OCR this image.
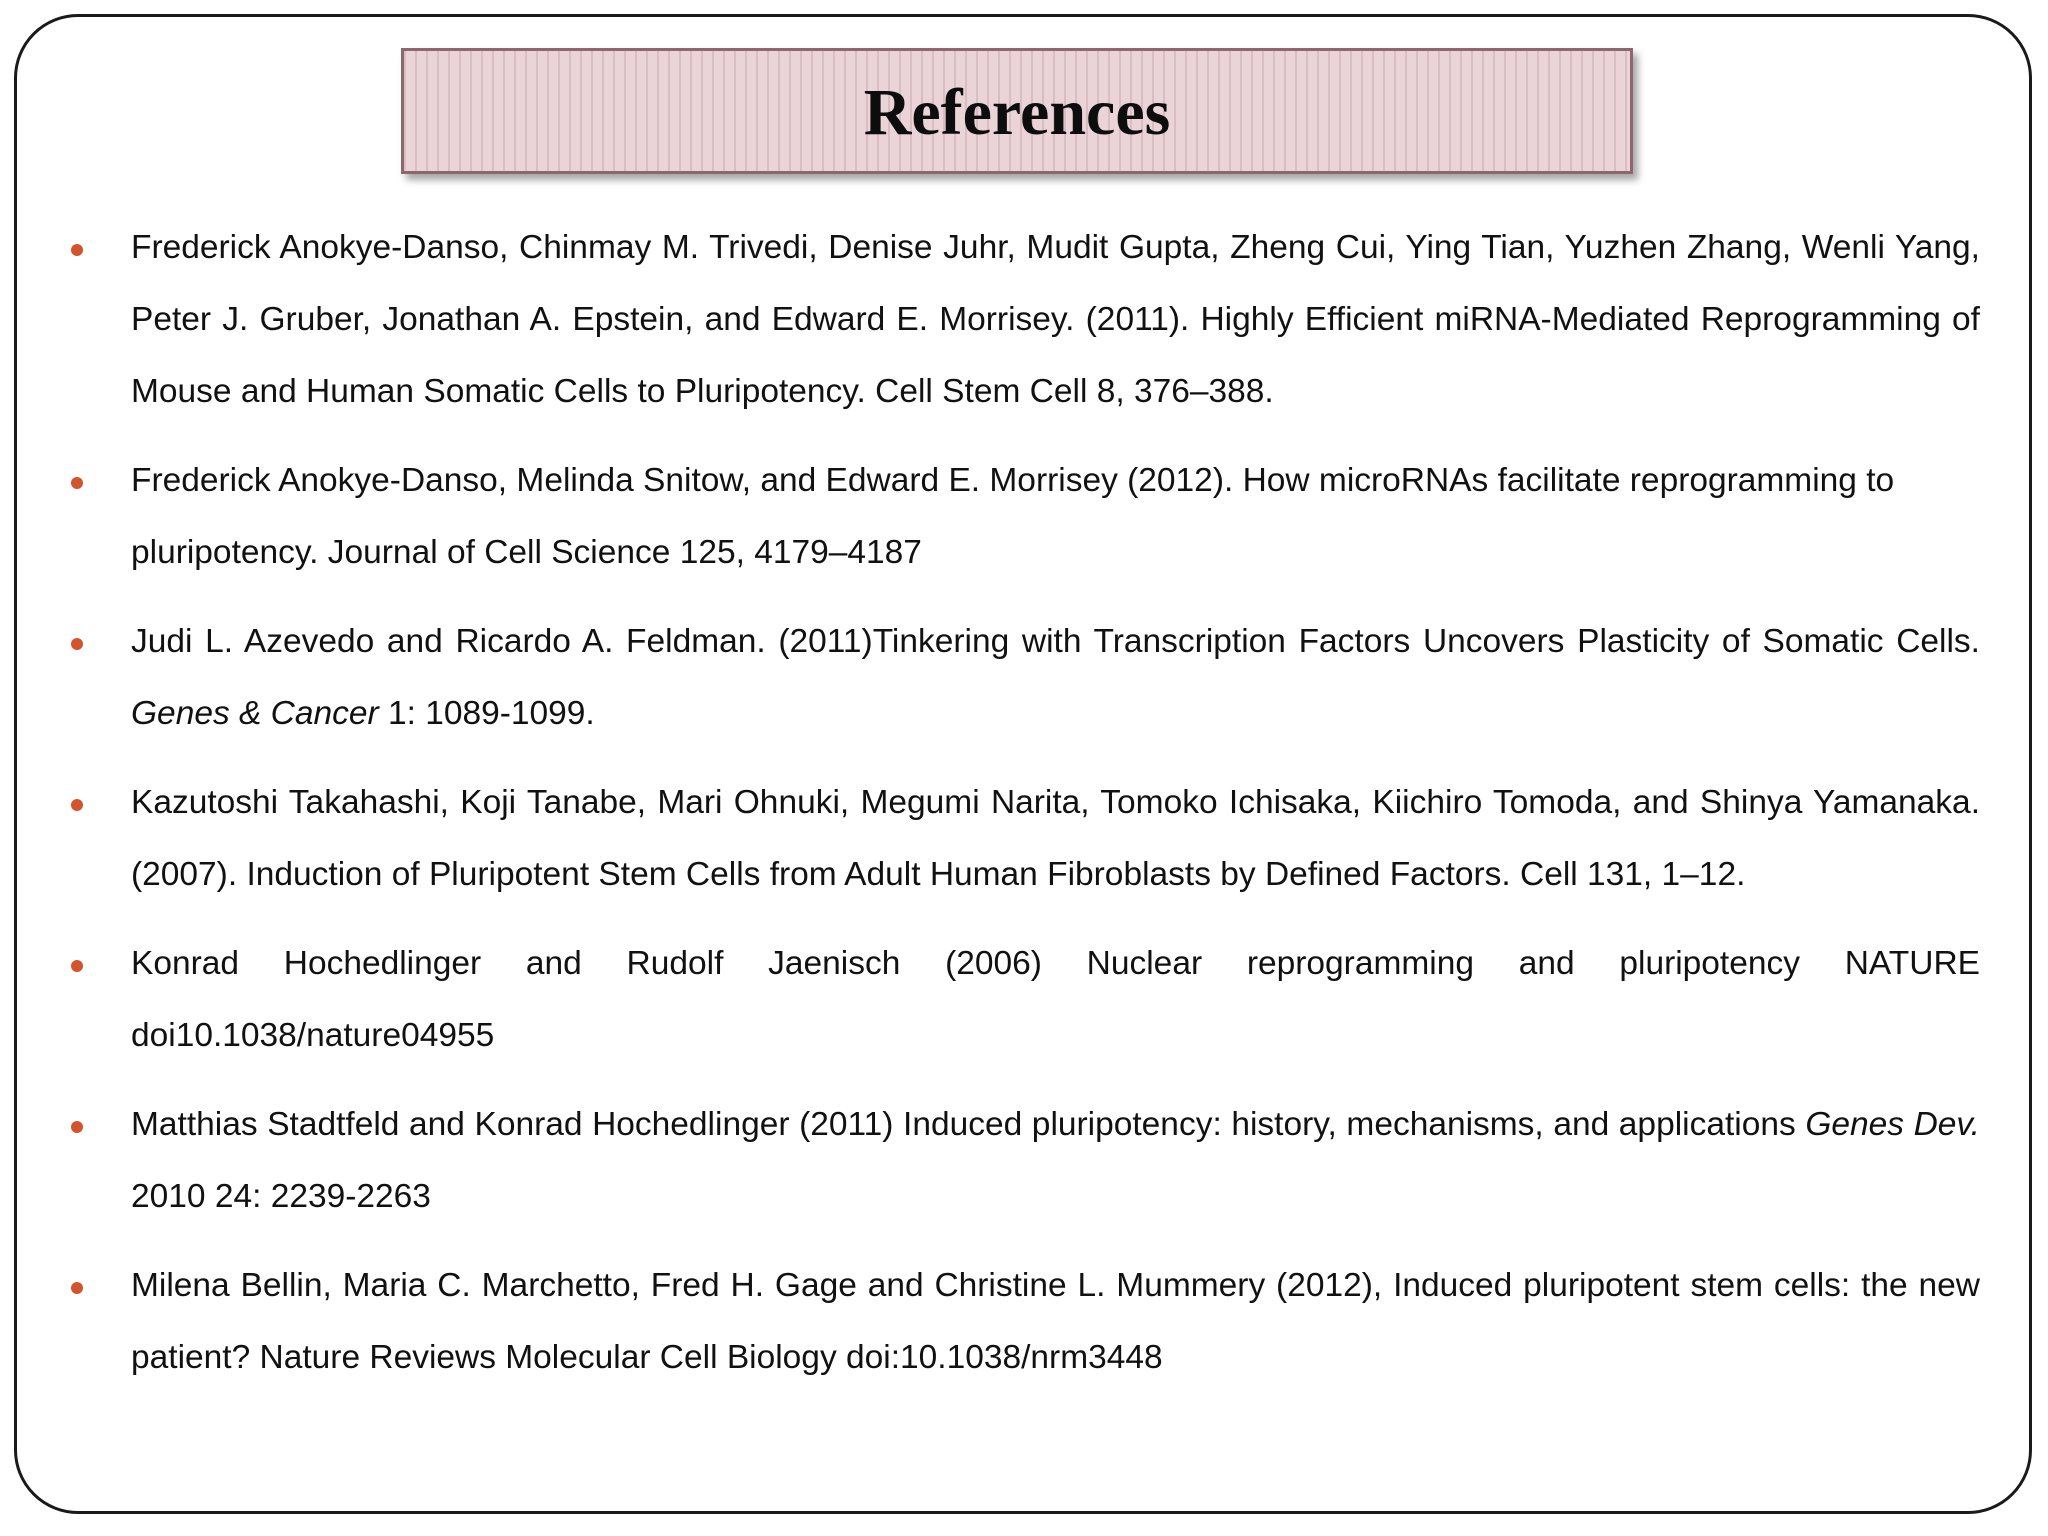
References
Frederick Anokye-Danso, Chinmay M. Trivedi, Denise Juhr, Mudit Gupta, Zheng Cui, Ying Tian, Yuzhen Zhang, Wenli Yang, Peter J. Gruber, Jonathan A. Epstein, and Edward E. Morrisey. (2011). Highly Efficient miRNA-Mediated Reprogramming of Mouse and Human Somatic Cells to Pluripotency. Cell Stem Cell 8, 376–388.
Frederick Anokye-Danso, Melinda Snitow, and Edward E. Morrisey (2012). How microRNAs facilitate reprogramming to pluripotency. Journal of Cell Science 125, 4179–4187
Judi L. Azevedo and Ricardo A. Feldman. (2011)Tinkering with Transcription Factors Uncovers Plasticity of Somatic Cells. Genes & Cancer 1: 1089-1099.
Kazutoshi Takahashi, Koji Tanabe, Mari Ohnuki, Megumi Narita, Tomoko Ichisaka, Kiichiro Tomoda, and Shinya Yamanaka. (2007). Induction of Pluripotent Stem Cells from Adult Human Fibroblasts by Defined Factors. Cell 131, 1–12.
Konrad Hochedlinger and Rudolf Jaenisch (2006) Nuclear reprogramming and pluripotency NATURE doi10.1038/nature04955
Matthias Stadtfeld and Konrad Hochedlinger (2011) Induced pluripotency: history, mechanisms, and applications Genes Dev. 2010 24: 2239-2263
Milena Bellin, Maria C. Marchetto, Fred H. Gage and Christine L. Mummery (2012), Induced pluripotent stem cells: the new patient? Nature Reviews Molecular Cell Biology doi:10.1038/nrm3448
